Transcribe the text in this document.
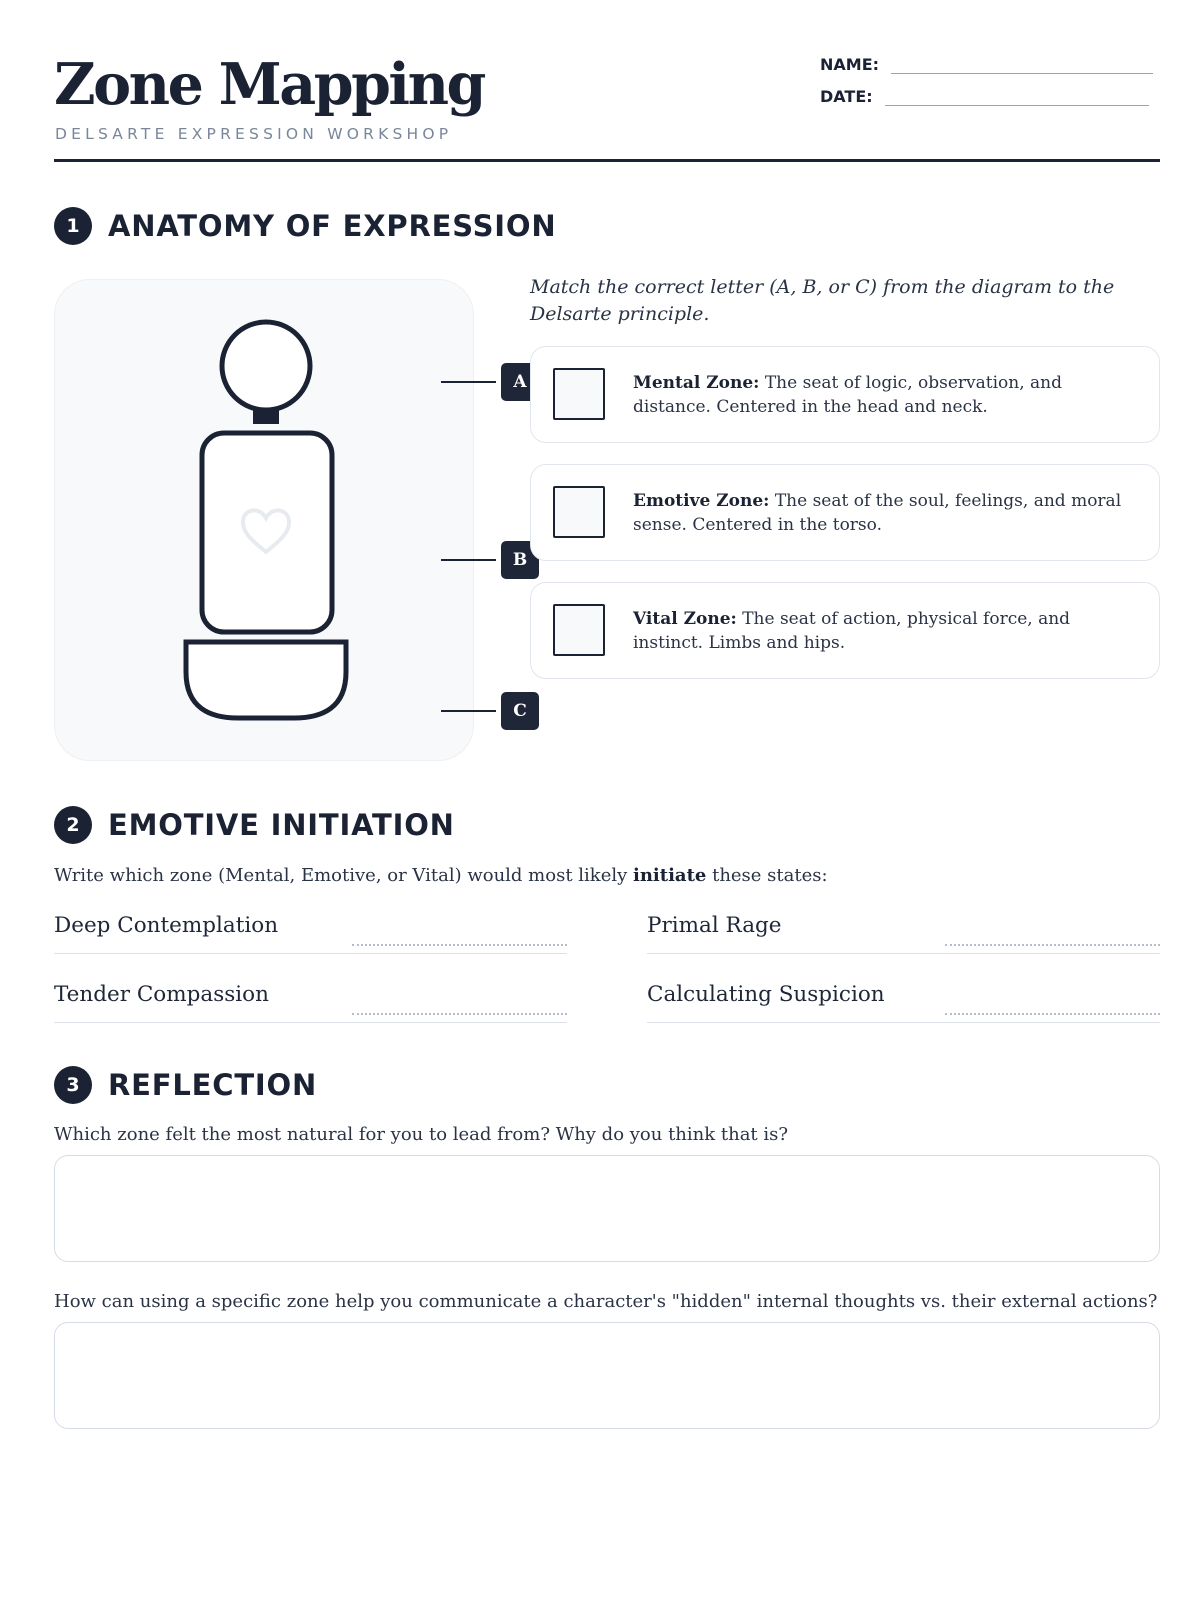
Zone Mapping
DELSARTE EXPRESSION WORKSHOP
NAME:
DATE:
1 ANATOMY OF EXPRESSION
A
B
C
Match the correct letter (A, B, or C) from the diagram to the Delsarte principle.
Mental Zone: The seat of logic, observation, and distance. Centered in the head and neck.
Emotive Zone: The seat of the soul, feelings, and moral sense. Centered in the torso.
Vital Zone: The seat of action, physical force, and instinct. Limbs and hips.
2 EMOTIVE INITIATION
Write which zone (Mental, Emotive, or Vital) would most likely initiate these states:
Deep Contemplation	Primal Rage
Tender Compassion	Calculating Suspicion
3 REFLECTION
Which zone felt the most natural for you to lead from? Why do you think that is?
How can using a specific zone help you communicate a character's "hidden" internal thoughts vs. their external actions?
